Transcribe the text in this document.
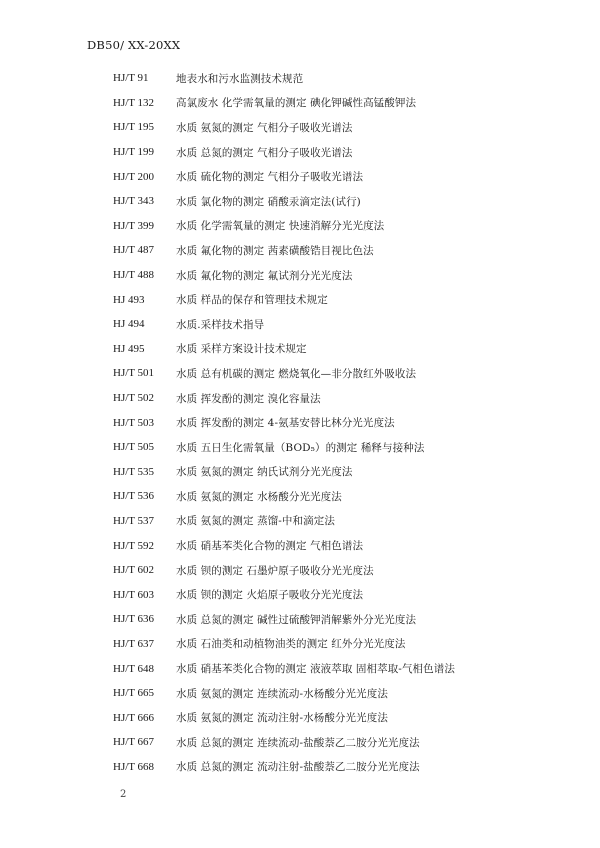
DB50/ XX-20XX
HJ/T 91	地表水和污水监测技术规范
HJ/T 132	高氯废水 化学需氧量的测定 碘化钾碱性高锰酸钾法
HJ/T 195	水质 氨氮的测定 气相分子吸收光谱法
HJ/T 199	水质 总氮的测定 气相分子吸收光谱法
HJ/T 200	水质 硫化物的测定 气相分子吸收光谱法
HJ/T 343	水质 氯化物的测定 硝酸汞滴定法(试行)
HJ/T 399	水质 化学需氧量的测定 快速消解分光光度法
HJ/T 487	水质 氟化物的测定 茜素磺酸锆目视比色法
HJ/T 488	水质 氟化物的测定 氟试剂分光光度法
HJ 493	水质 样品的保存和管理技术规定
HJ 494	水质.采样技术指导
HJ 495	水质 采样方案设计技术规定
HJ/T 501	水质 总有机碳的测定 燃烧氧化—非分散红外吸收法
HJ/T 502	水质 挥发酚的测定 溴化容量法
HJ/T 503	水质 挥发酚的测定 4-氨基安替比林分光光度法
HJ/T 505	水质 五日生化需氧量（BOD₅）的测定 稀释与接种法
HJ/T 535	水质 氨氮的测定 纳氏试剂分光光度法
HJ/T 536	水质 氨氮的测定 水杨酸分光光度法
HJ/T 537	水质 氨氮的测定 蒸馏-中和滴定法
HJ/T 592	水质 硝基苯类化合物的测定 气相色谱法
HJ/T 602	水质 钡的测定 石墨炉原子吸收分光光度法
HJ/T 603	水质 钡的测定 火焰原子吸收分光光度法
HJ/T 636	水质 总氮的测定 碱性过硫酸钾消解紫外分光光度法
HJ/T 637	水质 石油类和动植物油类的测定 红外分光光度法
HJ/T 648	水质 硝基苯类化合物的测定 液液萃取 固相萃取-气相色谱法
HJ/T 665	水质 氨氮的测定 连续流动-水杨酸分光光度法
HJ/T 666	水质 氨氮的测定 流动注射-水杨酸分光光度法
HJ/T 667	水质 总氮的测定 连续流动-盐酸萘乙二胺分光光度法
HJ/T 668	水质 总氮的测定 流动注射-盐酸萘乙二胺分光光度法
2
